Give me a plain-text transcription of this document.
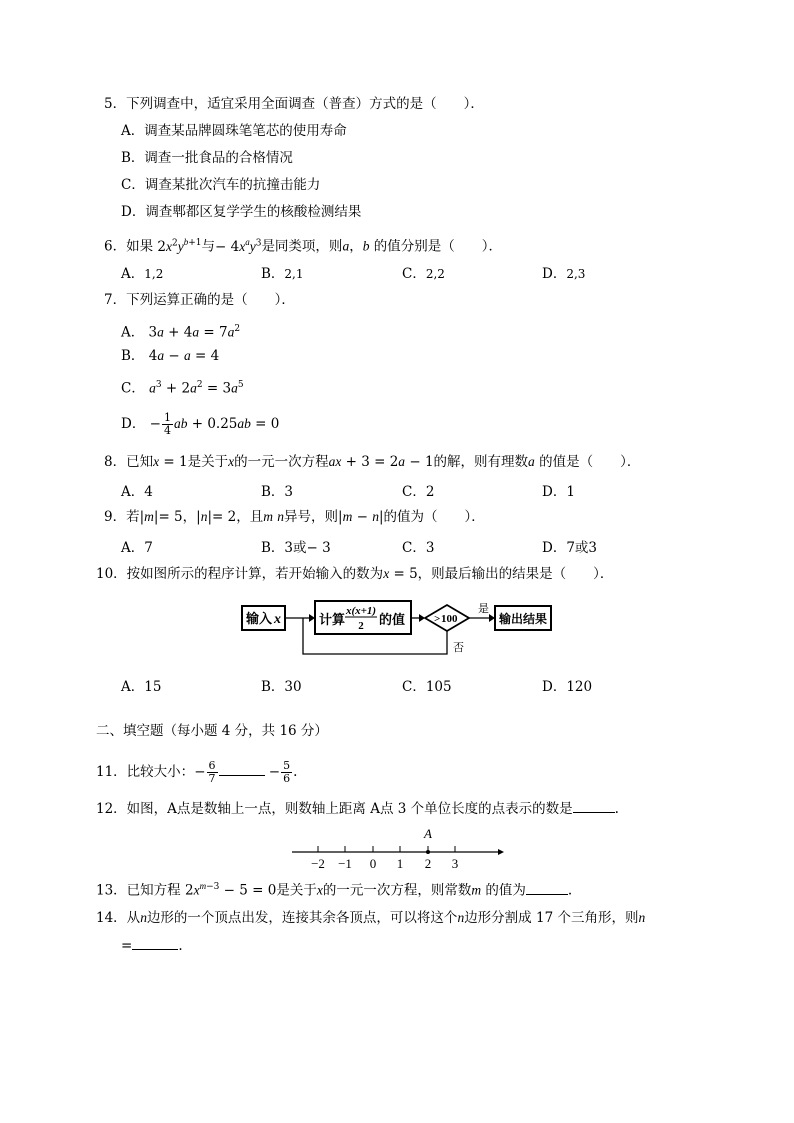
5．下列调查中，适宜采用全面调查（普查）方式的是（　　）．
A．调查某品牌圆珠笔笔芯的使用寿命
B．调查一批食品的合格情况
C．调查某批次汽车的抗撞击能力
D．调查郫都区复学学生的核酸检测结果
6．如果 $2x^2y^{b+1}$与− $4x^ay^3$是同类项，则a，b 的值分别是（　　）．
A．1,2	B．2,1	C．2,2	D．2,3
7．下列运算正确的是（　　）．
A． $3a + 4a = 7a^2$
B． 4a − a = 4
C． $a^3 + 2a^2 = 3a^5$
D． − $\frac{1}{4}$ ab + 0.25ab = 0
8．已知x = 1是关于x的一元一次方程ax + 3 = 2a − 1的解，则有理数a 的值是（　　）．
A．4	B．3	C．2	D．1
9．若|m|= 5，|n|= 2，且m n异号，则|m − n|的值为（　　）．
A．7	B．3或− 3	C．3	D．7或3
10．按如图所示的程序计算，若开始输入的数为x = 5，则最后输出的结果是（　　）．
输入 x	计算
x(x+1)
2 的值	> 100
是
输出结果
否
A．15	B．30	C．105	D．120
二、填空题（每小题 4 分，共 16 分）
11．比较大小：− $\frac{6}{7}$	− $\frac{5}{6}$ .
12．如图，A点是数轴上一点，则数轴上距离 A点 3 个单位长度的点表示的数是	.
A
−2 −1 0 1 2 3
13．已知方程 $2x^{m-3} - 5 = 0$是关于x的一元一次方程，则常数m 的值为	.
14．从n边形的一个顶点出发，连接其余各顶点，可以将这个n边形分割成 17 个三角形，则n
=	.
